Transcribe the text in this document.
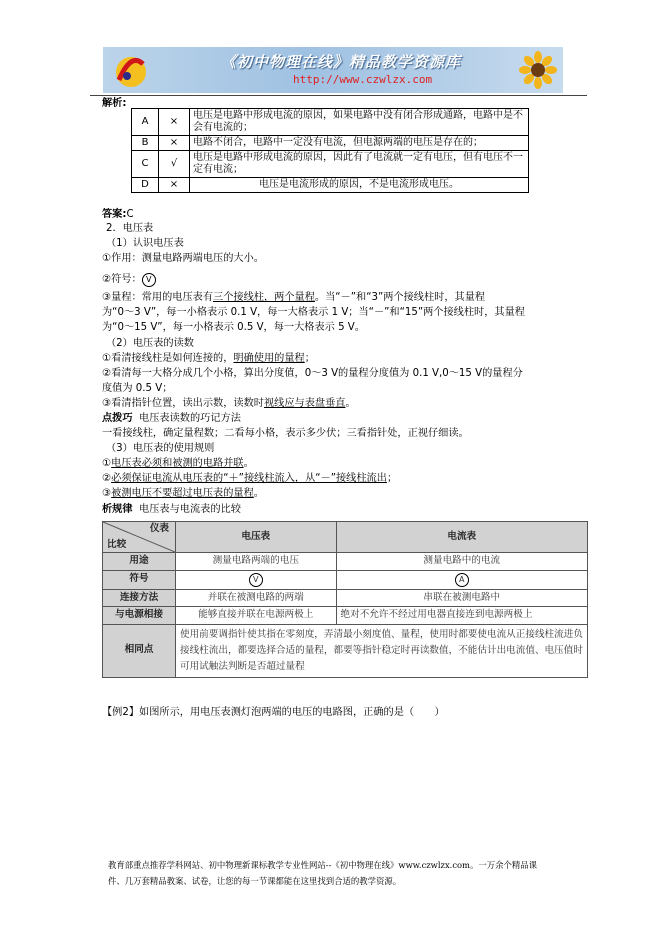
《初中物理在线》精品教学资源库
http://www.czwlzx.com
解析:
A	×	电压是电路中形成电流的原因，如果电路中没有闭合形成通路，电路中是不会有电流的；
B	×	电路不闭合，电路中一定没有电流，但电源两端的电压是存在的；
C	√	电压是电路中形成电流的原因，因此有了电流就一定有电压，但有电压不一定有电流；
D	×	电压是电流形成的原因，不是电流形成电压。
答案:C
2．电压表
（1）认识电压表
①作用：测量电路两端电压的大小。
②符号： V
③量程：常用的电压表有三个接线柱，两个量程。当“－”和“3”两个接线柱时，其量程
为“0～3 V”，每一小格表示 0.1 V，每一大格表示 1 V；当“－”和“15”两个接线柱时，其量程
为“0～15 V”，每一小格表示 0.5 V，每一大格表示 5 V。
（2）电压表的读数
①看清接线柱是如何连接的，明确使用的量程；
②看清每一大格分成几个小格，算出分度值，0～3 V的量程分度值为 0.1 V,0～15 V的量程分
度值为 0.5 V；
③看清指针位置，读出示数，读数时视线应与表盘垂直。
点拨巧 电压表读数的巧记方法
一看接线柱，确定量程数；二看每小格，表示多少伏；三看指针处，正视仔细读。
（3）电压表的使用规则
①电压表必须和被测的电路并联。
②必须保证电流从电压表的“＋”接线柱流入，从“－”接线柱流出；
③被测电压不要超过电压表的量程。
析规律 电压表与电流表的比较
仪表
比较	电压表	电流表
用途	测量电路两端的电压	测量电路中的电流
符号	V	A
连接方法	并联在被测电路的两端	串联在被测电路中
与电源相接	能够直接并联在电源两极上	绝对不允许不经过用电器直接连到电源两极上
相同点	使用前要调指针使其指在零刻度，弄清最小刻度值、量程，使用时都要使电流从正接线柱流进负接线柱流出，都要选择合适的量程，都要等指针稳定时再读数值，不能估计出电流值、电压值时可用试触法判断是否超过量程	
【例2】如图所示，用电压表测灯泡两端的电压的电路图，正确的是（　　）
教育部重点推荐学科网站、初中物理新课标教学专业性网站--《初中物理在线》www.czwlzx.com。一万余个精品课
件、几万套精品教案、试卷，让您的每一节课都能在这里找到合适的教学资源。
